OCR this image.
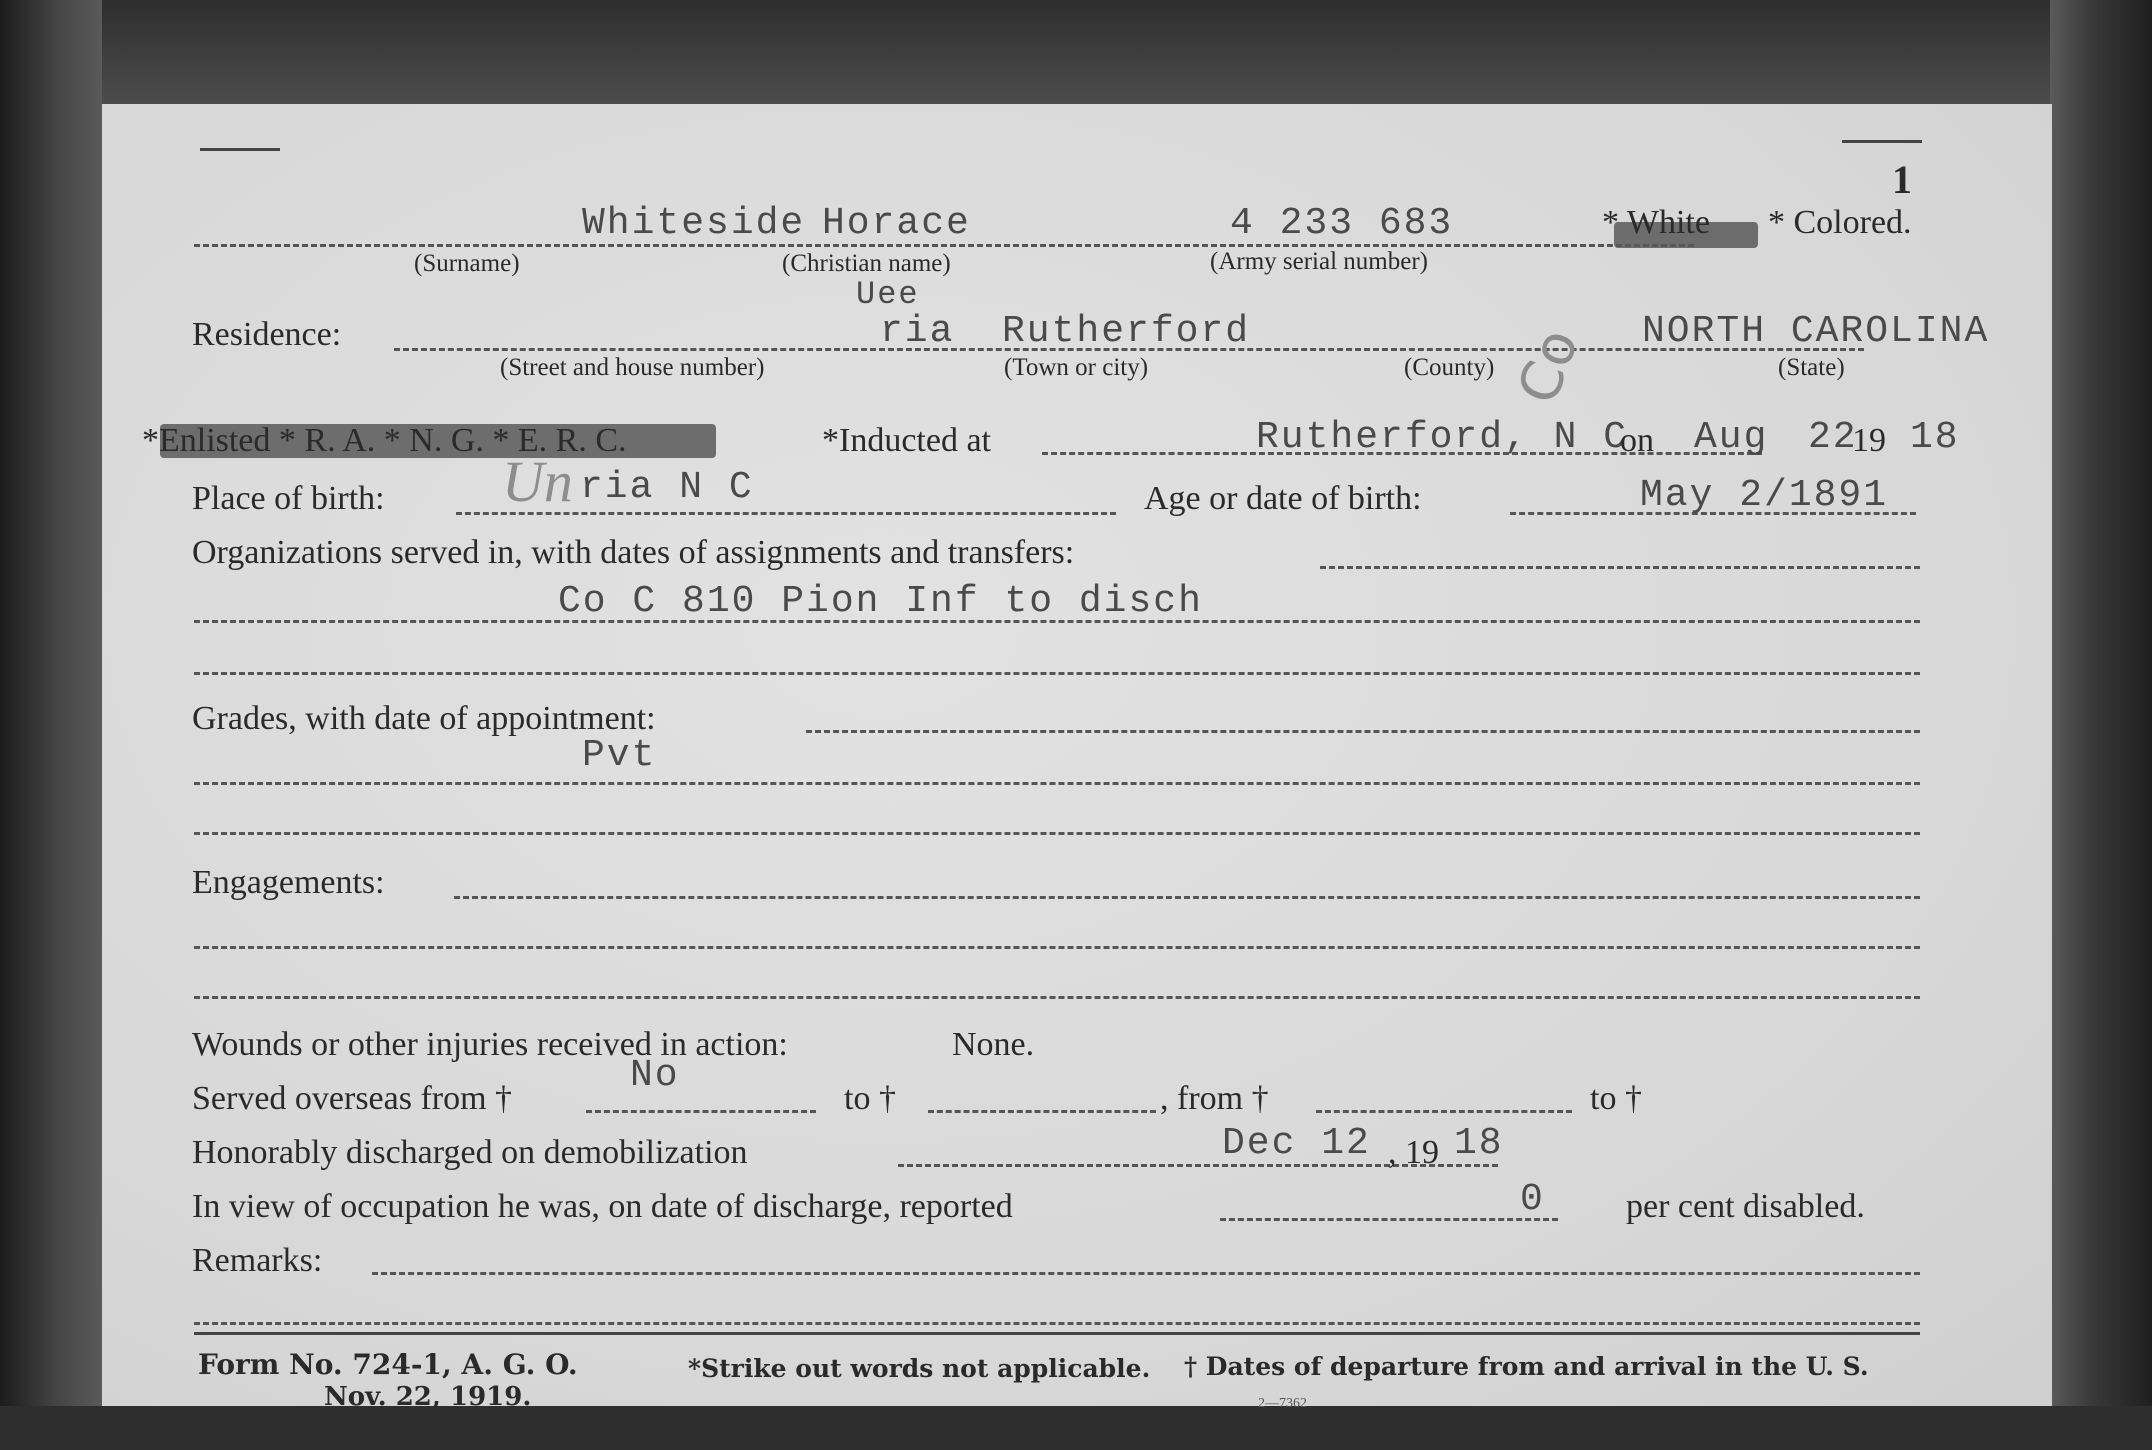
1
Whiteside Horace	4 233 683	* White * Colored.
(Surname)	(Christian name)	(Army serial number)
Residence:
Uee
ria Rutherford	NORTH CAROLINA
Co
(Street and house number)	(Town or city)	(County)	(State)
*Enlisted * R. A. * N. G. * E. R. C.	*Inducted at	Rutherford, N C
on Aug 22
19 18
Place of birth: Un ria N C	Age or date of birth:	May 2/1891
Organizations served in, with dates of assignments and transfers:
Co C 810 Pion Inf to disch
Grades, with date of appointment:
Pvt
Engagements:
Wounds or other injuries received in action:	None.
Served overseas from †
No
to †	, from †	to †
Honorably discharged on demobilization	Dec 12 , 19 18
In view of occupation he was, on date of discharge, reported	0 per cent disabled.
Remarks:
Form No. 724-1, A. G. O.
Nov. 22, 1919.
*Strike out words not applicable. † Dates of departure from and arrival in the U. S.
2—7362
